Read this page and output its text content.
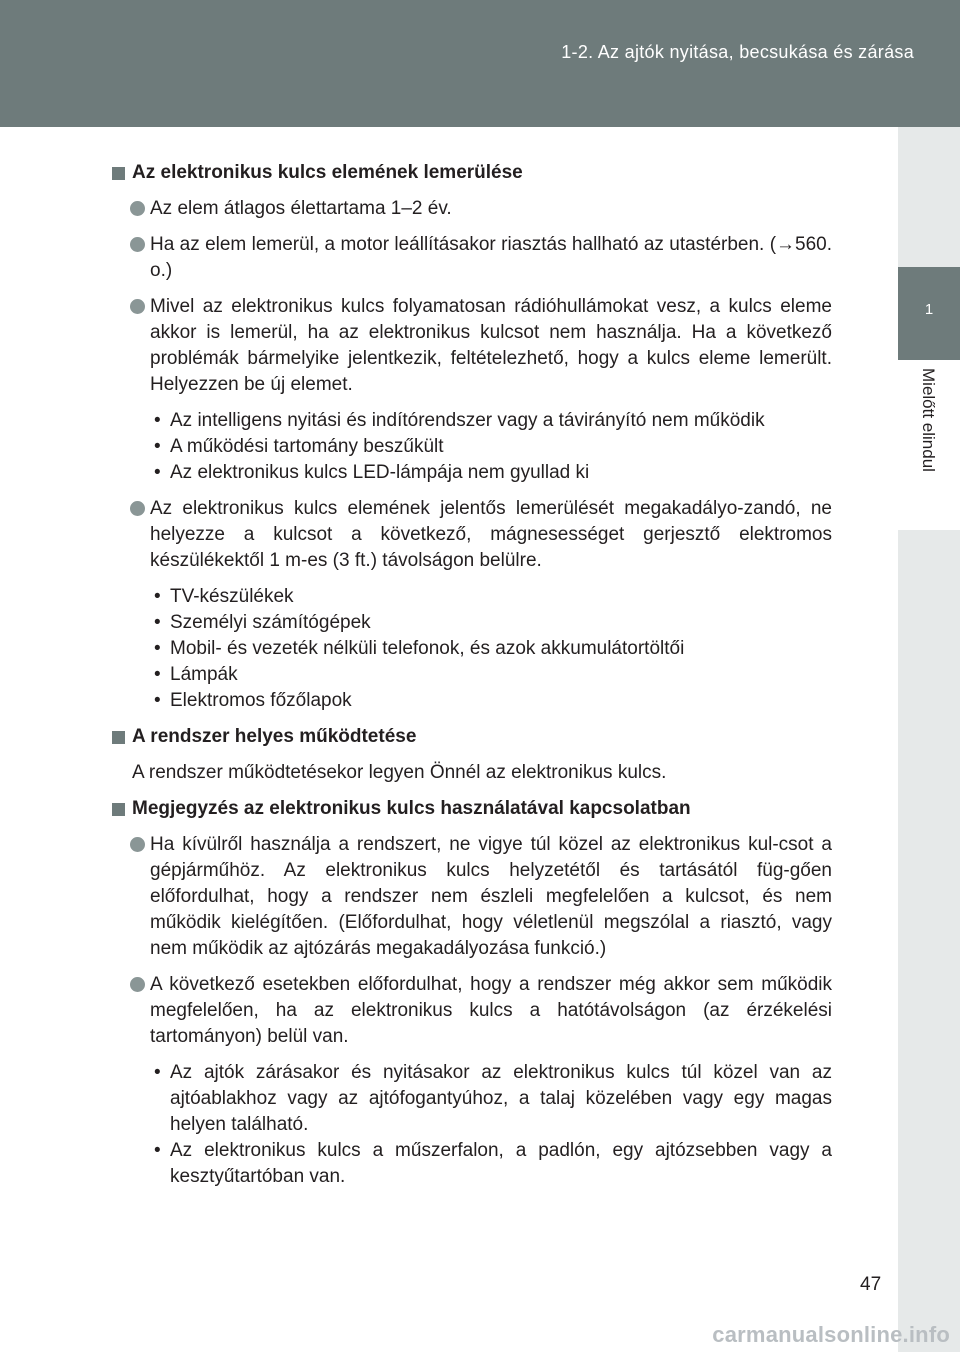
1-2. Az ajtók nyitása, becsukása és zárása
1
Mielőtt elindul
Az elektronikus kulcs elemének lemerülése
Az elem átlagos élettartama 1–2 év.
Ha az elem lemerül, a motor leállításakor riasztás hallható az utastérben. (→560. o.)
Mivel az elektronikus kulcs folyamatosan rádióhullámokat vesz, a kulcs eleme akkor is lemerül, ha az elektronikus kulcsot nem használja. Ha a következő problémák bármelyike jelentkezik, feltételezhető, hogy a kulcs eleme lemerült. Helyezzen be új elemet.
• Az intelligens nyitási és indítórendszer vagy a távirányító nem működik
• A működési tartomány beszűkült
• Az elektronikus kulcs LED-lámpája nem gyullad ki
Az elektronikus kulcs elemének jelentős lemerülését megakadályo-zandó, ne helyezze a kulcsot a következő, mágnesességet gerjesztő elektromos készülékektől 1 m-es (3 ft.) távolságon belülre.
• TV-készülékek
• Személyi számítógépek
• Mobil- és vezeték nélküli telefonok, és azok akkumulátortöltői
• Lámpák
• Elektromos főzőlapok
A rendszer helyes működtetése
A rendszer működtetésekor legyen Önnél az elektronikus kulcs.
Megjegyzés az elektronikus kulcs használatával kapcsolatban
Ha kívülről használja a rendszert, ne vigye túl közel az elektronikus kul-csot a gépjárműhöz. Az elektronikus kulcs helyzetétől és tartásától füg-gően előfordulhat, hogy a rendszer nem észleli megfelelően a kulcsot, és nem működik kielégítően. (Előfordulhat, hogy véletlenül megszólal a riasztó, vagy nem működik az ajtózárás megakadályozása funkció.)
A következő esetekben előfordulhat, hogy a rendszer még akkor sem működik megfelelően, ha az elektronikus kulcs a hatótávolságon (az érzékelési tartományon) belül van.
• Az ajtók zárásakor és nyitásakor az elektronikus kulcs túl közel van az ajtóablakhoz vagy az ajtófogantyúhoz, a talaj közelében vagy egy magas helyen található.
• Az elektronikus kulcs a műszerfalon, a padlón, egy ajtózsebben vagy a kesztyűtartóban van.
47
carmanualsonline.info
